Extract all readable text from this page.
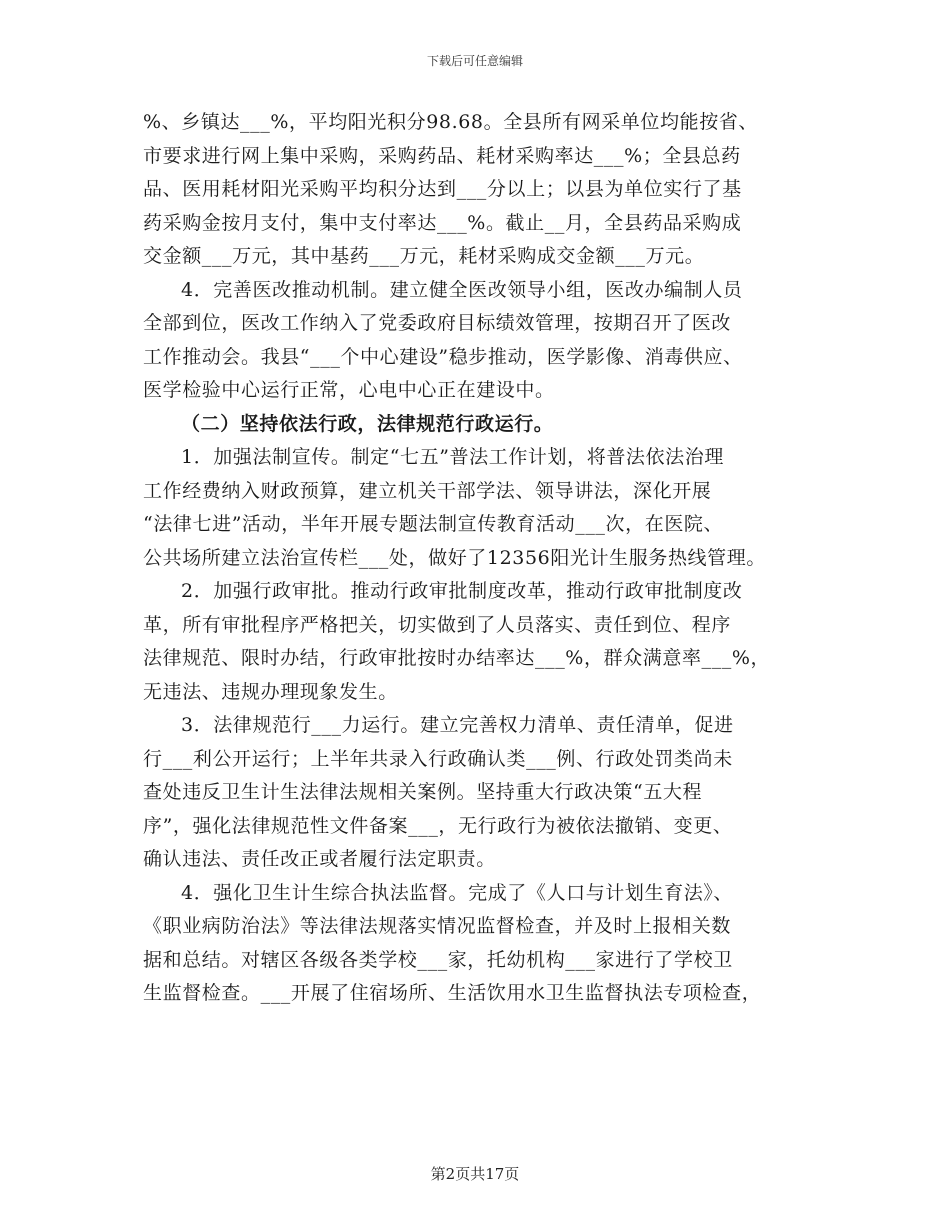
下载后可任意编辑

%、乡镇达___%，平均阳光积分98.68。全县所有网采单位均能按省、
市要求进行网上集中采购，采购药品、耗材采购率达___%；全县总药
品、医用耗材阳光采购平均积分达到___分以上；以县为单位实行了基
药采购金按月支付，集中支付率达___%。截止__月，全县药品采购成
交金额___万元，其中基药___万元，耗材采购成交金额___万元。

4．完善医改推动机制。建立健全医改领导小组，医改办编制人员
全部到位，医改工作纳入了党委政府目标绩效管理，按期召开了医改
工作推动会。我县“___个中心建设”稳步推动，医学影像、消毒供应、
医学检验中心运行正常，心电中心正在建设中。

（二）坚持依法行政，法律规范行政运行。

1．加强法制宣传。制定“七五”普法工作计划，将普法依法治理
工作经费纳入财政预算，建立机关干部学法、领导讲法，深化开展
“法律七进”活动，半年开展专题法制宣传教育活动___次，在医院、
公共场所建立法治宣传栏___处，做好了12356阳光计生服务热线管理。

2．加强行政审批。推动行政审批制度改革，推动行政审批制度改
革，所有审批程序严格把关，切实做到了人员落实、责任到位、程序
法律规范、限时办结，行政审批按时办结率达___%，群众满意率___%，
无违法、违规办理现象发生。

3．法律规范行___力运行。建立完善权力清单、责任清单，促进
行___利公开运行；上半年共录入行政确认类___例、行政处罚类尚未
查处违反卫生计生法律法规相关案例。坚持重大行政决策“五大程
序”，强化法律规范性文件备案___，无行政行为被依法撤销、变更、
确认违法、责任改正或者履行法定职责。

4．强化卫生计生综合执法监督。完成了《人口与计划生育法》、
《职业病防治法》等法律法规落实情况监督检查，并及时上报相关数
据和总结。对辖区各级各类学校___家，托幼机构___家进行了学校卫
生监督检查。___开展了住宿场所、生活饮用水卫生监督执法专项检查，

第2页共17页
